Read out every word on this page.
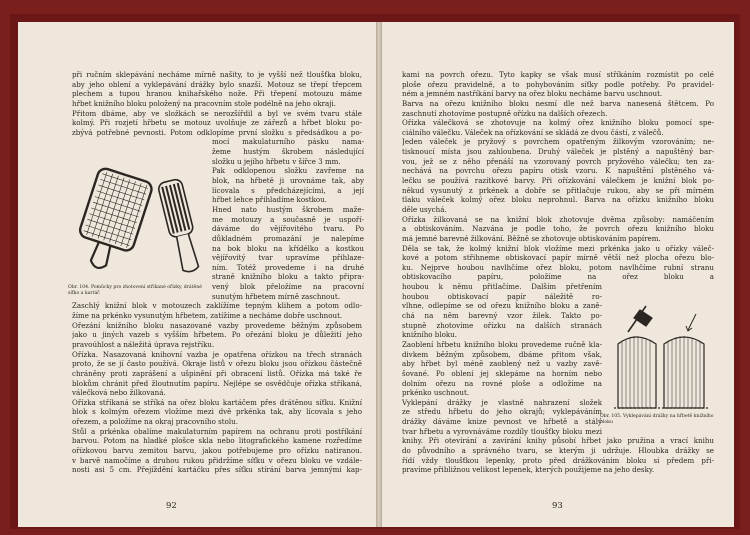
při ručním sklepávání necháme mírně našity, to je vyšší než tloušťka bloku,
aby jeho oblení a vyklepávání drážky bylo snazší. Motouz se třepí třepcem
plechem a tupou hranou knihařského nože. Při třepení motouzu máme
hřbet knižního bloku položený na pracovním stole podélně na jeho okraji.
Přitom dbáme, aby ve složkách se nerozšířdil a byl ve svém tvaru stále
kolmý. Při rozjetí hřbetu se motouz uvolňuje ze zářezů a hřbet bloku po-
zbývá potřebné pevnosti. Potom odklopíme první složku s předsádkou a po-
mocí makulaturního pásku nama-
žeme hustým škrobem následující
složku u jejího hřbetu v šířce 3 mm.
Pak odklopenou složku zavřeme na
blok, na hřbetě ji urovnáme tak, aby
lícovala s předcházejícími, a její
hřbet lehce přihladíme kostkou.
Hned nato hustým škrobem maže-
me motouzy a současně je uspoří-
dáváme do vějířovitého tvaru. Po
důkladném promazání je nalepíme
na bok bloku na křídélko a kostkou
vějířovitý tvar upravíme přihlaze-
ním. Totéž provedeme i na druhé
straně knižního bloku a takto připra-
vený blok přeložíme na pracovní
sunutým hřbetem mírně zaschnout.
Zaschlý knižní blok v motouzech zaklížíme tepným klihem a potom odlo-
žíme na prkénko vysunutým hřbetem, zatížíme a necháme dobře uschnout.
Ořezání knižního bloku nasazované vazby provedeme běžným způsobem
jako u jiných vazeb s vyšším hřbetem. Po ořezání bloku je důležití jeho
pravoúhlost a náležitá úprava rejstříku.
Ořízka. Nasazovaná knihovní vazba je opatřena ořízkou na třech stranách
proto, že se jí často používá. Okraje listů v ořezu bloku jsou ořízkou částečně
chráněny proti zaprášení a ušpinění při obracení listů. Ořízka má také ře
blokům chránit před žloutnutím papíru. Nejlépe se osvědčuje ořízka stříkaná,
válečková nebo žilkovaná.
Ořízka stříkaná se stříká na ořez bloku kartáčem přes drátěnou síťku. Knižní
blok s kolmým ořezem vložíme mezi dvě prkénka tak, aby lícovala s jeho
ořezem, a položíme na okraj pracovního stolu.
Stůl a prkénka obalíme makulaturním papírem na ochranu proti postříkání
barvou. Potom na hladké plošce skla nebo litografického kamene rozředíme
ořízkovou barvu zemitou barvu, jakou potřebujeme pro ořízku natiranou.
v barvě namočíme a druhou rukou přidržíme síťku v ořezu bloku ve vzdále-
nosti asi 5 cm. Přejíždění kartáčku přes síťku stírání barva jemnými kap-
Obr. 104. Pomůcky pro zhotovení stříkané ořízky, drátěné síťko a kartáč
92
kami na povrch ořezu. Tyto kapky se však musí stříkáním rozmístit po celé
ploše ořezu pravidelně, a to pohybováním síťky podle potřeby. Po pravidel-
ném a jemném nastříkání barvy na ořez bloku necháme barvu uschnout.
Barva na ořezu knižního bloku nesmí dle než barva nanesená štětcem. Po
zaschnutí zhotovíme postupně ořízku na dalších ořezech.
Ořízka válečková se zhotovuje na kolmý ořez knižního bloku pomocí spe-
ciálního válečku. Váleček na ořízkování se skládá ze dvou částí, z válečů.
Jeden váleček je pryžový s povrchem opatřeným žilkovým vzorováním; ne-
tisknoucí místa jsou zahloubena. Druhý váleček je plstěný a napuštěný bar-
vou, jež se z něho přenáší na vzorovaný povrch pryžového válečku; ten za-
nechává na povrchu ořezu papíru otisk vzoru. K napuštění plstěného vá-
lečku se používá razítkové barvy. Při ořízkování válečkem je knižní blok po-
někud vysunutý z prkének a dobře se přitlačuje rukou, aby se při mírném
tlaku váleček kolmý ořez bloku neprohnul. Barva na ořízku knižního bloku
děle usychá.
Ořízka žilkovaná se na knižní blok zhotovuje dvěma způsoby: namáčením
a obtiskováním. Nazvána je podle toho, že povrch ořezu knižního bloku
má jemné barevné žilkování. Běžně se zhotovuje obtiskováním papírem.
Děla se tak, že kolmý knižní blok vložíme mezi prkénka jako u ořízky váleč-
kové a potom střihneme obtiskovací papír mírně větší než plocha ořezu blo-
ku. Nejprve houbou navlhčíme ořez bloku, potom navlhčíme rubní stranu
obtiskovacího papíru, položíme na ořez bloku a
houbou k němu přitlačíme. Dalším přetřením
houbou obtiskovací papír náležitě ro-
vlhne, odlepíme se od ořezu knižního bloku a zaně-
chá na něm barevný vzor žilek. Takto po-
stupně zhotovíme ořízku na dalších stranách
knižního bloku.
Zaoblení hřbetu knižního bloku provedeme ručně kla-
divkem běžným způsobem, dbáme přitom však,
aby hřbet byl méně zaoblený než u vazby zavě-
šované. Po oblení jej sklepáme na horním nebo
dolním ořezu na rovné ploše a odložíme na
prkénko uschnout.
Vyklepání drážky je vlastně nahrazení složek
ze středu hřbetu do jeho okrajů; vyklepáváním
drážky dáváme knize pevnost ve hřbetě a stálý
tvar hřbetu a vyrovnáváme rozdíly tloušťky bloku mezi
knihy. Při otevírání a zavírání knihy působí hřbet jako pružina a vrací knihu
do původního a správného tvaru, se kterým ji udržuje. Hloubka drážky se
řídí vždy tloušťkou lepenky, proto před drážkováním bloku si předem při-
pravíme přibližnou velikost lepenek, kterých použijeme na jeho desky.
Obr. 105. Vyklepávání drážky na hřbetě knižního bloku
93
